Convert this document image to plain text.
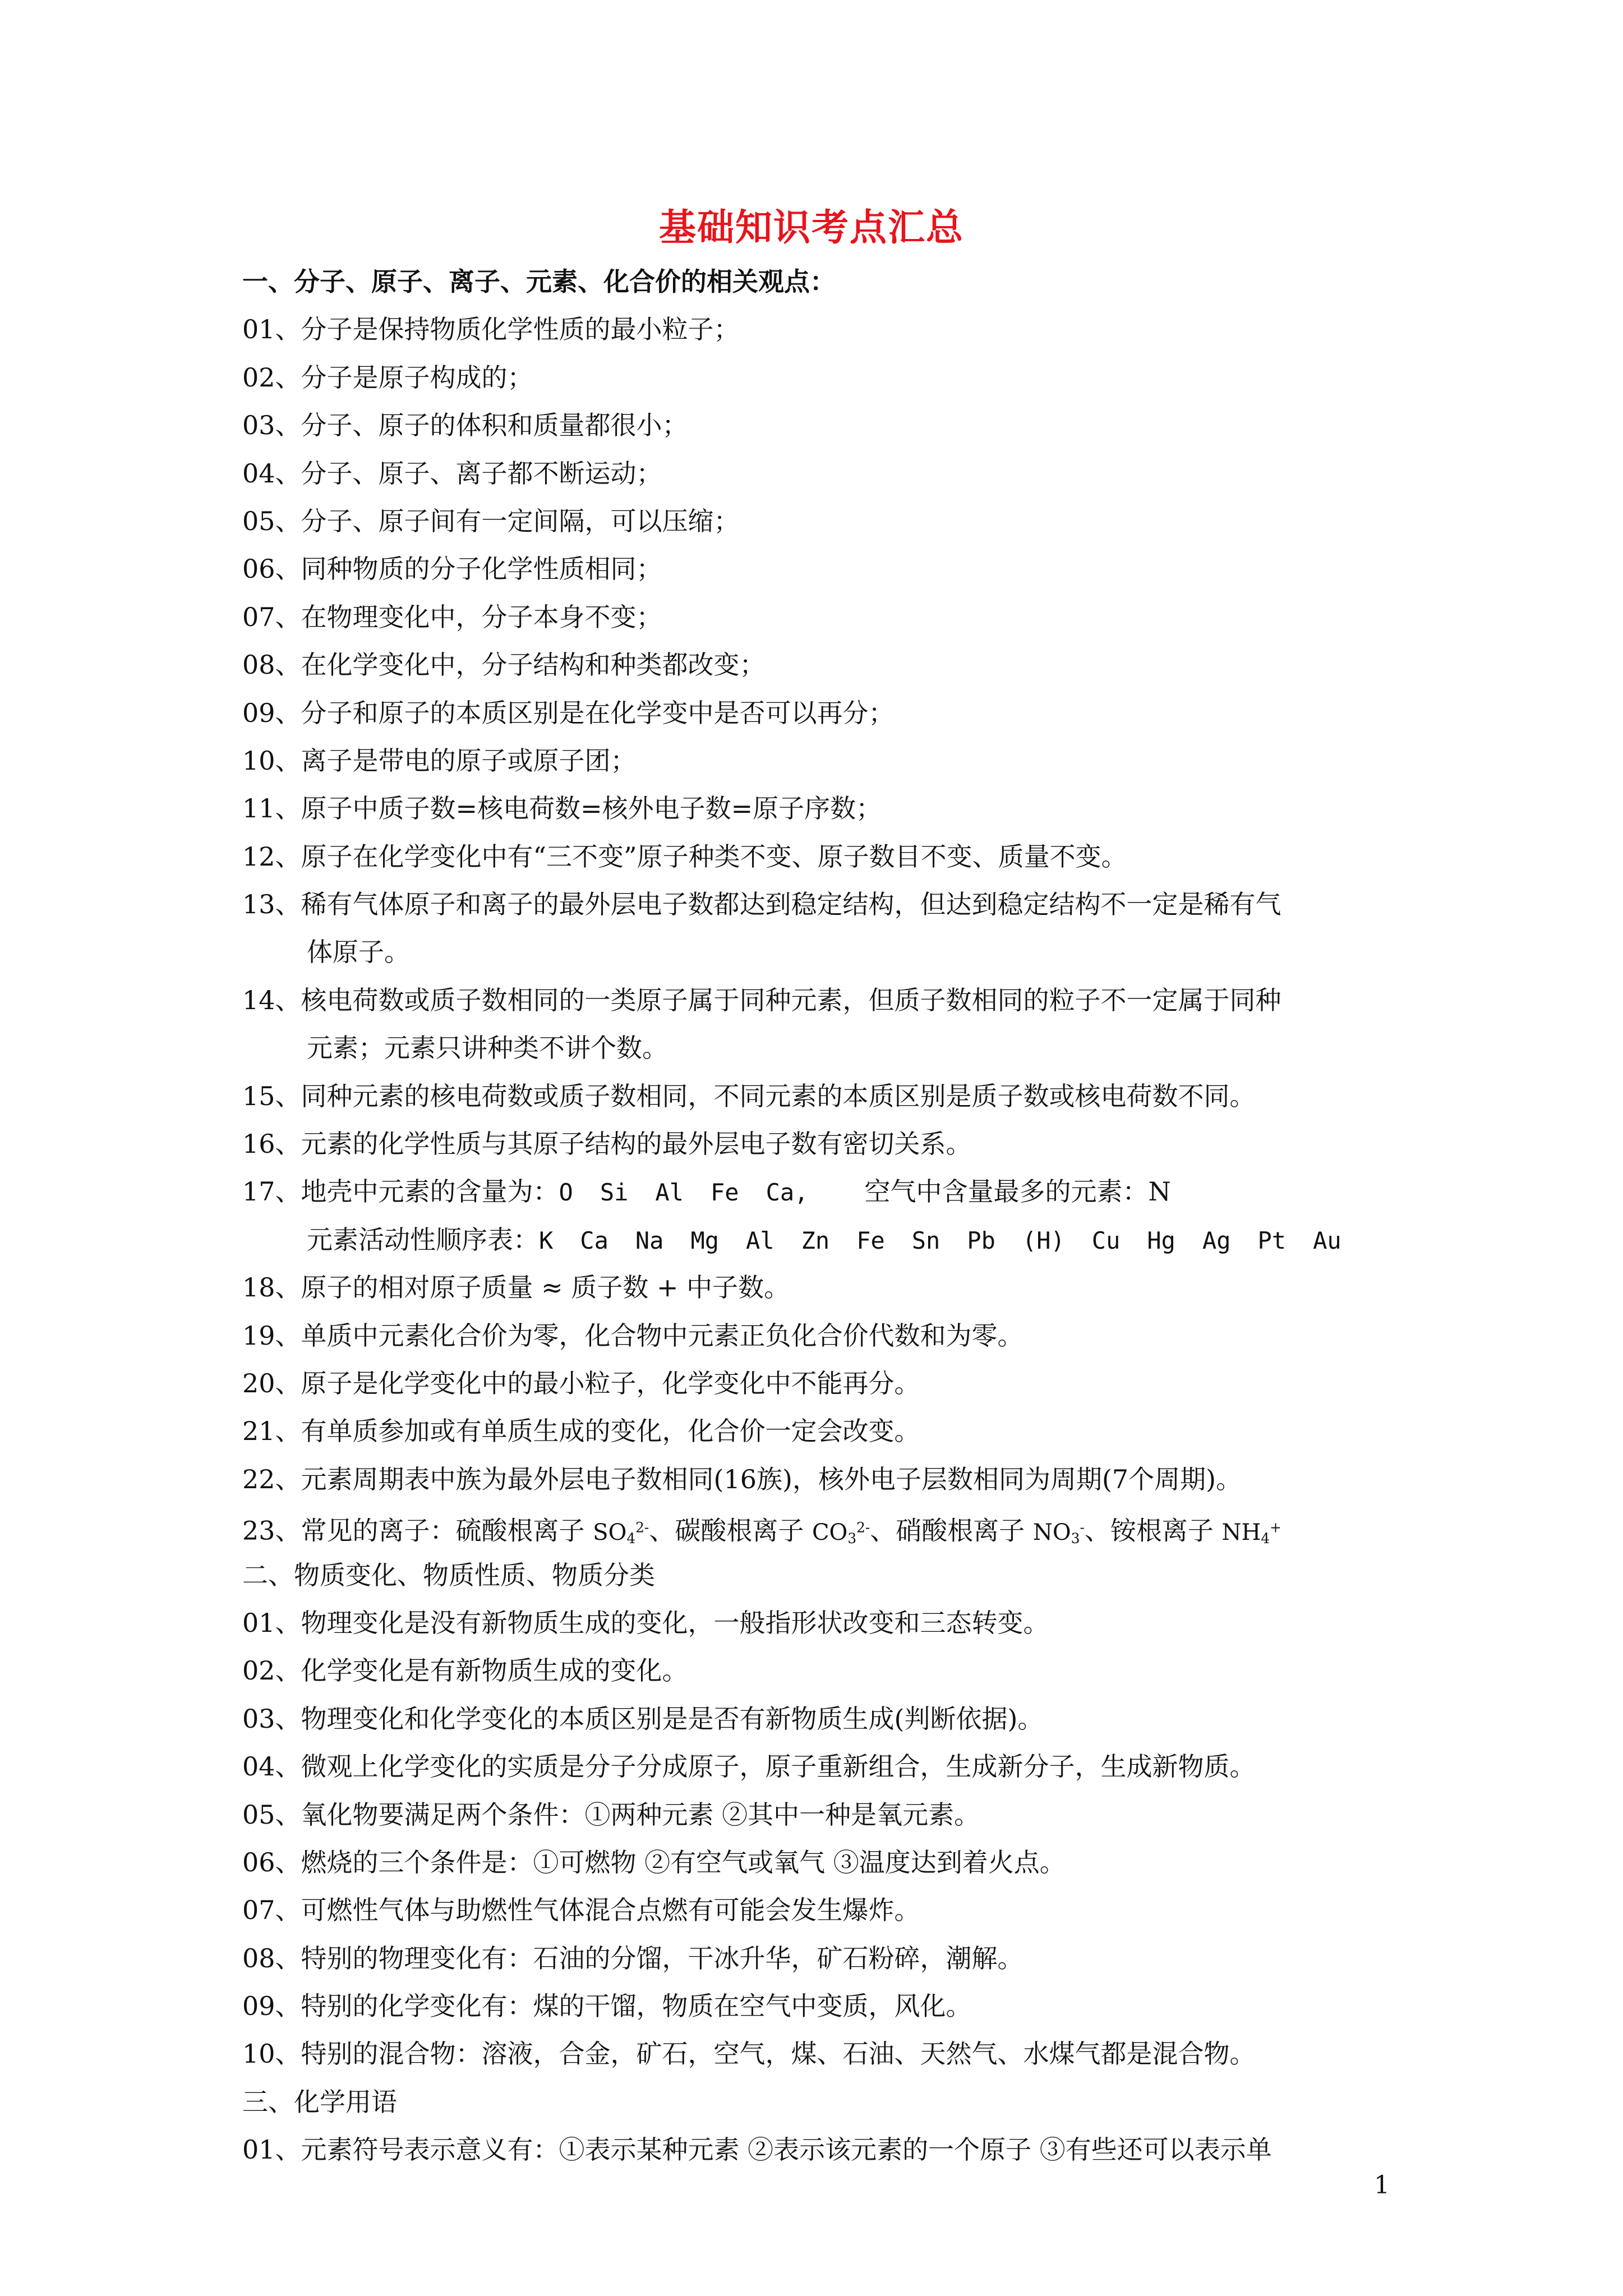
基础知识考点汇总
一、分子、原子、离子、元素、化合价的相关观点：
01、分子是保持物质化学性质的最小粒子；
02、分子是原子构成的；
03、分子、原子的体积和质量都很小；
04、分子、原子、离子都不断运动；
05、分子、原子间有一定间隔，可以压缩；
06、同种物质的分子化学性质相同；
07、在物理变化中，分子本身不变；
08、在化学变化中，分子结构和种类都改变；
09、分子和原子的本质区别是在化学变中是否可以再分；
10、离子是带电的原子或原子团；
11、原子中质子数=核电荷数=核外电子数=原子序数；
12、原子在化学变化中有“三不变”原子种类不变、原子数目不变、质量不变。
13、稀有气体原子和离子的最外层电子数都达到稳定结构，但达到稳定结构不一定是稀有气
体原子。
14、核电荷数或质子数相同的一类原子属于同种元素，但质子数相同的粒子不一定属于同种
元素；元素只讲种类不讲个数。
15、同种元素的核电荷数或质子数相同，不同元素的本质区别是质子数或核电荷数不同。
16、元素的化学性质与其原子结构的最外层电子数有密切关系。
17、地壳中元素的含量为：O Si Al Fe Ca, 空气中含量最多的元素：N
元素活动性顺序表：K Ca Na Mg Al Zn Fe Sn Pb (H) Cu Hg Ag Pt Au
18、原子的相对原子质量 ≈ 质子数 + 中子数。
19、单质中元素化合价为零，化合物中元素正负化合价代数和为零。
20、原子是化学变化中的最小粒子，化学变化中不能再分。
21、有单质参加或有单质生成的变化，化合价一定会改变。
22、元素周期表中族为最外层电子数相同(16族)，核外电子层数相同为周期(7个周期)。
23、常见的离子：硫酸根离子 $SO_4^{2-}$、碳酸根离子 $CO_3^{2-}$、硝酸根离子 $NO_3^-$、铵根离子 $NH_4^+$
二、物质变化、物质性质、物质分类
01、物理变化是没有新物质生成的变化，一般指形状改变和三态转变。
02、化学变化是有新物质生成的变化。
03、物理变化和化学变化的本质区别是是否有新物质生成(判断依据)。
04、微观上化学变化的实质是分子分成原子，原子重新组合，生成新分子，生成新物质。
05、氧化物要满足两个条件：①两种元素 ②其中一种是氧元素。
06、燃烧的三个条件是：①可燃物 ②有空气或氧气 ③温度达到着火点。
07、可燃性气体与助燃性气体混合点燃有可能会发生爆炸。
08、特别的物理变化有：石油的分馏，干冰升华，矿石粉碎，潮解。
09、特别的化学变化有：煤的干馏，物质在空气中变质，风化。
10、特别的混合物：溶液，合金，矿石，空气，煤、石油、天然气、水煤气都是混合物。
三、化学用语
01、元素符号表示意义有：①表示某种元素 ②表示该元素的一个原子 ③有些还可以表示单
1
